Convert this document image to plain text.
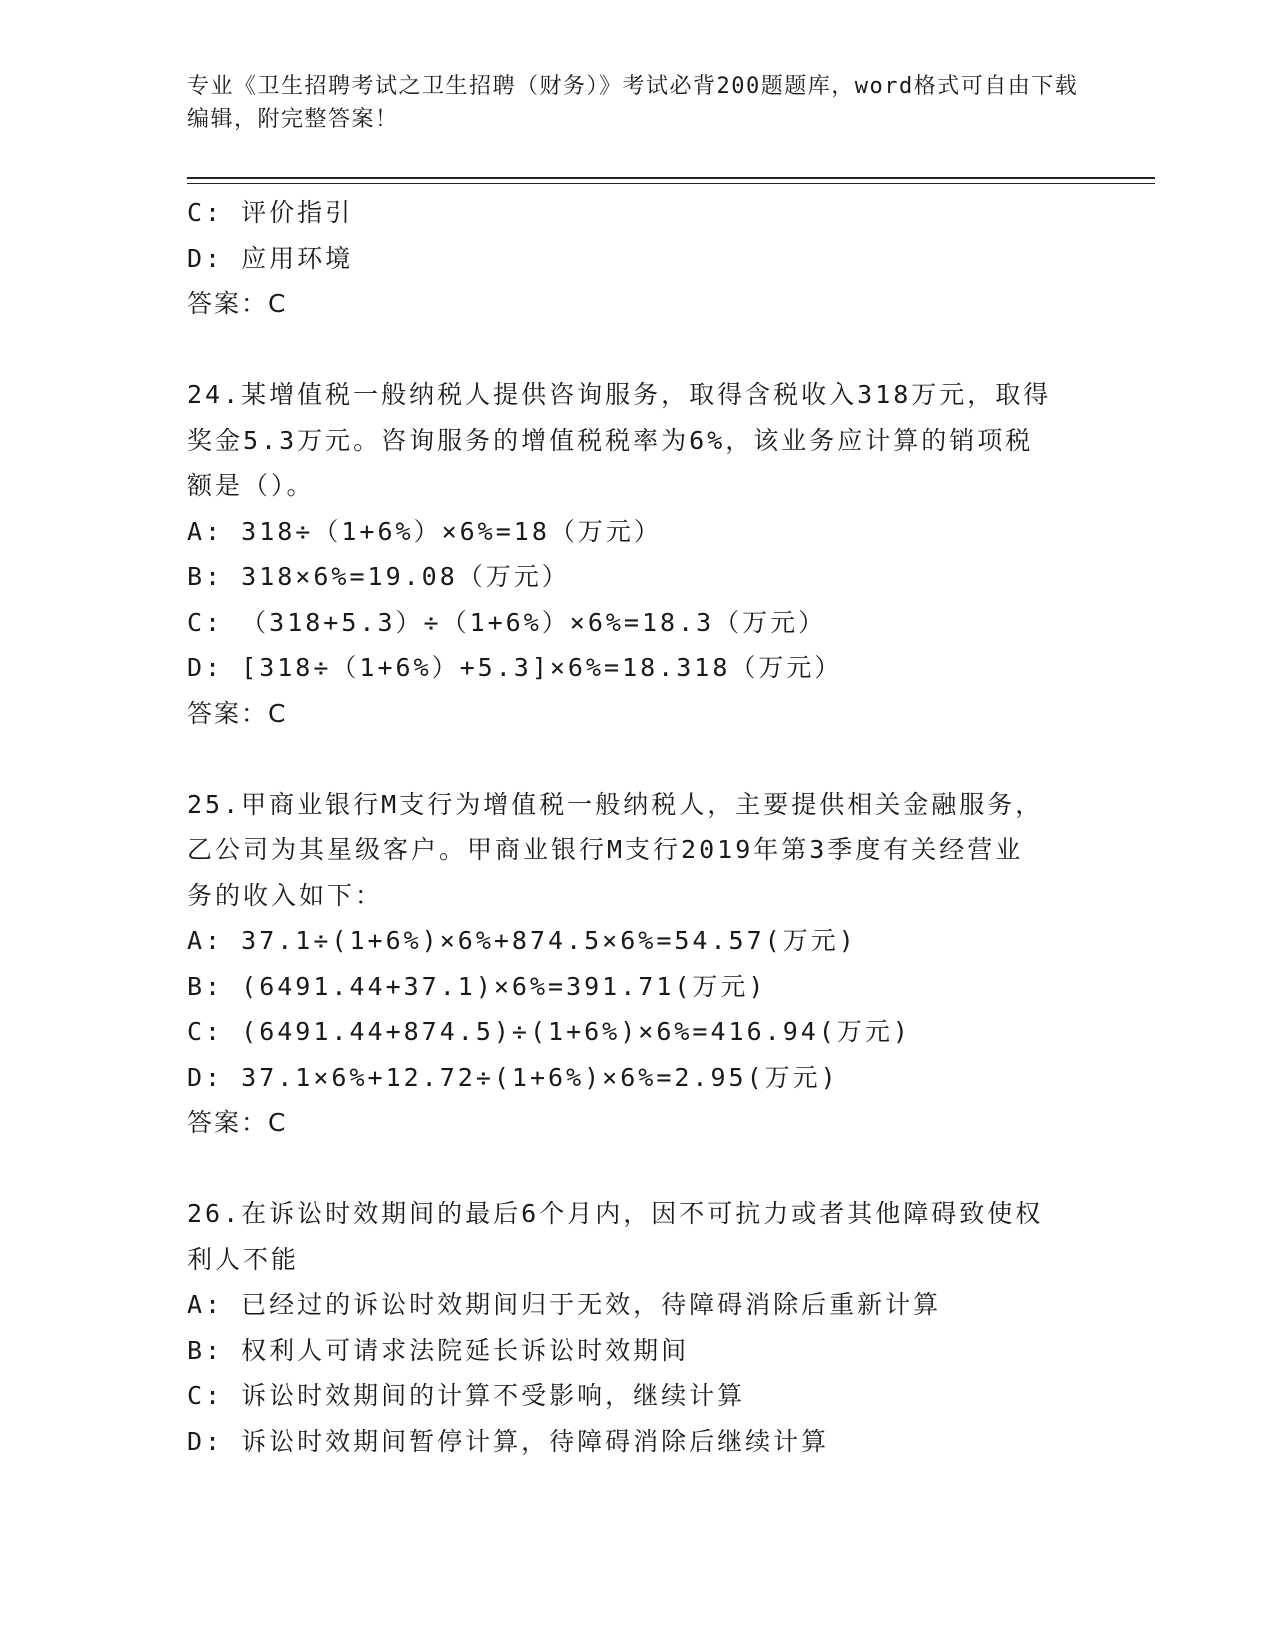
专业《卫生招聘考试之卫生招聘（财务）》考试必背200题题库，word格式可自由下载编辑，附完整答案！
C: 评价指引
D: 应用环境
答案：C
24.某增值税一般纳税人提供咨询服务，取得含税收入318万元，取得
奖金5.3万元。咨询服务的增值税税率为6%，该业务应计算的销项税
额是（）。
A: 318÷（1+6%）×6%=18（万元）
B: 318×6%=19.08（万元）
C: （318+5.3）÷（1+6%）×6%=18.3（万元）
D: [318÷（1+6%）+5.3]×6%=18.318（万元）
答案：C
25.甲商业银行M支行为增值税一般纳税人，主要提供相关金融服务，
乙公司为其星级客户。甲商业银行M支行2019年第3季度有关经营业
务的收入如下：
A: 37.1÷(1+6%)×6%+874.5×6%=54.57(万元)
B: (6491.44+37.1)×6%=391.71(万元)
C: (6491.44+874.5)÷(1+6%)×6%=416.94(万元)
D: 37.1×6%+12.72÷(1+6%)×6%=2.95(万元)
答案：C
26.在诉讼时效期间的最后6个月内，因不可抗力或者其他障碍致使权
利人不能
A: 已经过的诉讼时效期间归于无效，待障碍消除后重新计算
B: 权利人可请求法院延长诉讼时效期间
C: 诉讼时效期间的计算不受影响，继续计算
D: 诉讼时效期间暂停计算，待障碍消除后继续计算
